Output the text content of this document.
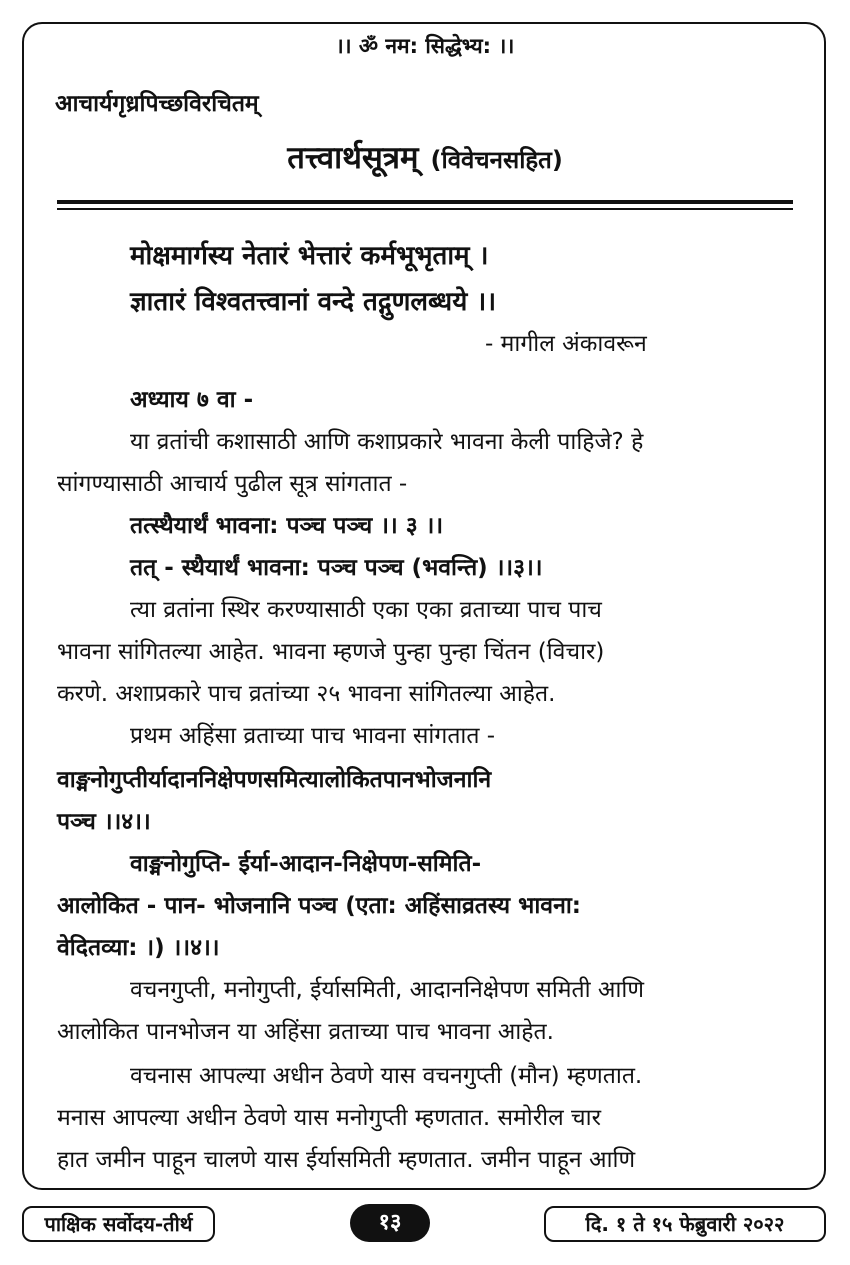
।। ॐ नम: सिद्धेभ्य: ।।
आचार्यगृध्रपिच्छविरचितम्
तत्त्वार्थसूत्रम् (विवेचनसहित)
मोक्षमार्गस्य नेतारं भेत्तारं कर्मभूभृताम् ।
ज्ञातारं विश्वतत्त्वानां वन्दे तद्गुणलब्धये ।।
- मागील अंकावरून
अध्याय ७ वा -
या व्रतांची कशासाठी आणि कशाप्रकारे भावना केली पाहिजे? हे
सांगण्यासाठी आचार्य पुढील सूत्र सांगतात -
तत्स्थैयार्थं भावना: पञ्च पञ्च ।। ३ ।।
तत् - स्थैयार्थं भावना: पञ्च पञ्च (भवन्ति) ।।३।।
त्या व्रतांना स्थिर करण्यासाठी एका एका व्रताच्या पाच पाच
भावना सांगितल्या आहेत. भावना म्हणजे पुन्हा पुन्हा चिंतन (विचार)
करणे. अशाप्रकारे पाच व्रतांच्या २५ भावना सांगितल्या आहेत.
प्रथम अहिंसा व्रताच्या पाच भावना सांगतात -
वाङ्मनोगुप्तीर्यादाननिक्षेपणसमित्यालोकितपानभोजनानि
पञ्च ।।४।।
वाङ्मनोगुप्ति- ईर्या-आदान-निक्षेपण-समिति-
आलोकित - पान- भोजनानि पञ्च (एता: अहिंसाव्रतस्य भावना:
वेदितव्या: ।) ।।४।।
वचनगुप्ती, मनोगुप्ती, ईर्यासमिती, आदाननिक्षेपण समिती आणि
आलोकित पानभोजन या अहिंसा व्रताच्या पाच भावना आहेत.
वचनास आपल्या अधीन ठेवणे यास वचनगुप्ती (मौन) म्हणतात.
मनास आपल्या अधीन ठेवणे यास मनोगुप्ती म्हणतात. समोरील चार
हात जमीन पाहून चालणे यास ईर्यासमिती म्हणतात. जमीन पाहून आणि
पाक्षिक सर्वोदय-तीर्थ	१३	दि. १ ते १५ फेब्रुवारी २०२२
